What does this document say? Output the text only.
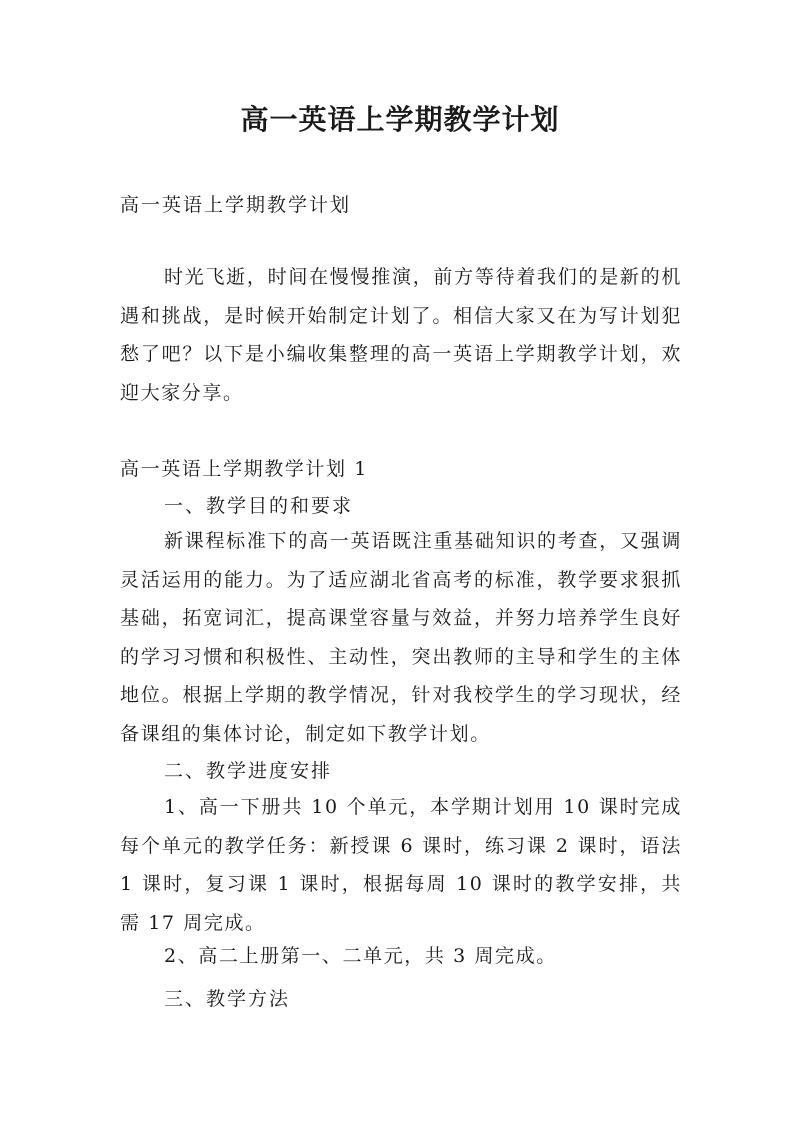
高一英语上学期教学计划
高一英语上学期教学计划
时光飞逝，时间在慢慢推演，前方等待着我们的是新的机遇和挑战，是时候开始制定计划了。相信大家又在为写计划犯愁了吧？以下是小编收集整理的高一英语上学期教学计划，欢迎大家分享。
高一英语上学期教学计划 1
一、教学目的和要求
新课程标准下的高一英语既注重基础知识的考查，又强调灵活运用的能力。为了适应湖北省高考的标准，教学要求狠抓基础，拓宽词汇，提高课堂容量与效益，并努力培养学生良好的学习习惯和积极性、主动性，突出教师的主导和学生的主体地位。根据上学期的教学情况，针对我校学生的学习现状，经备课组的集体讨论，制定如下教学计划。
二、教学进度安排
1、高一下册共 10 个单元，本学期计划用 10 课时完成每个单元的教学任务：新授课 6 课时，练习课 2 课时，语法 1 课时，复习课 1 课时，根据每周 10 课时的教学安排，共需 17 周完成。
2、高二上册第一、二单元，共 3 周完成。
三、教学方法
